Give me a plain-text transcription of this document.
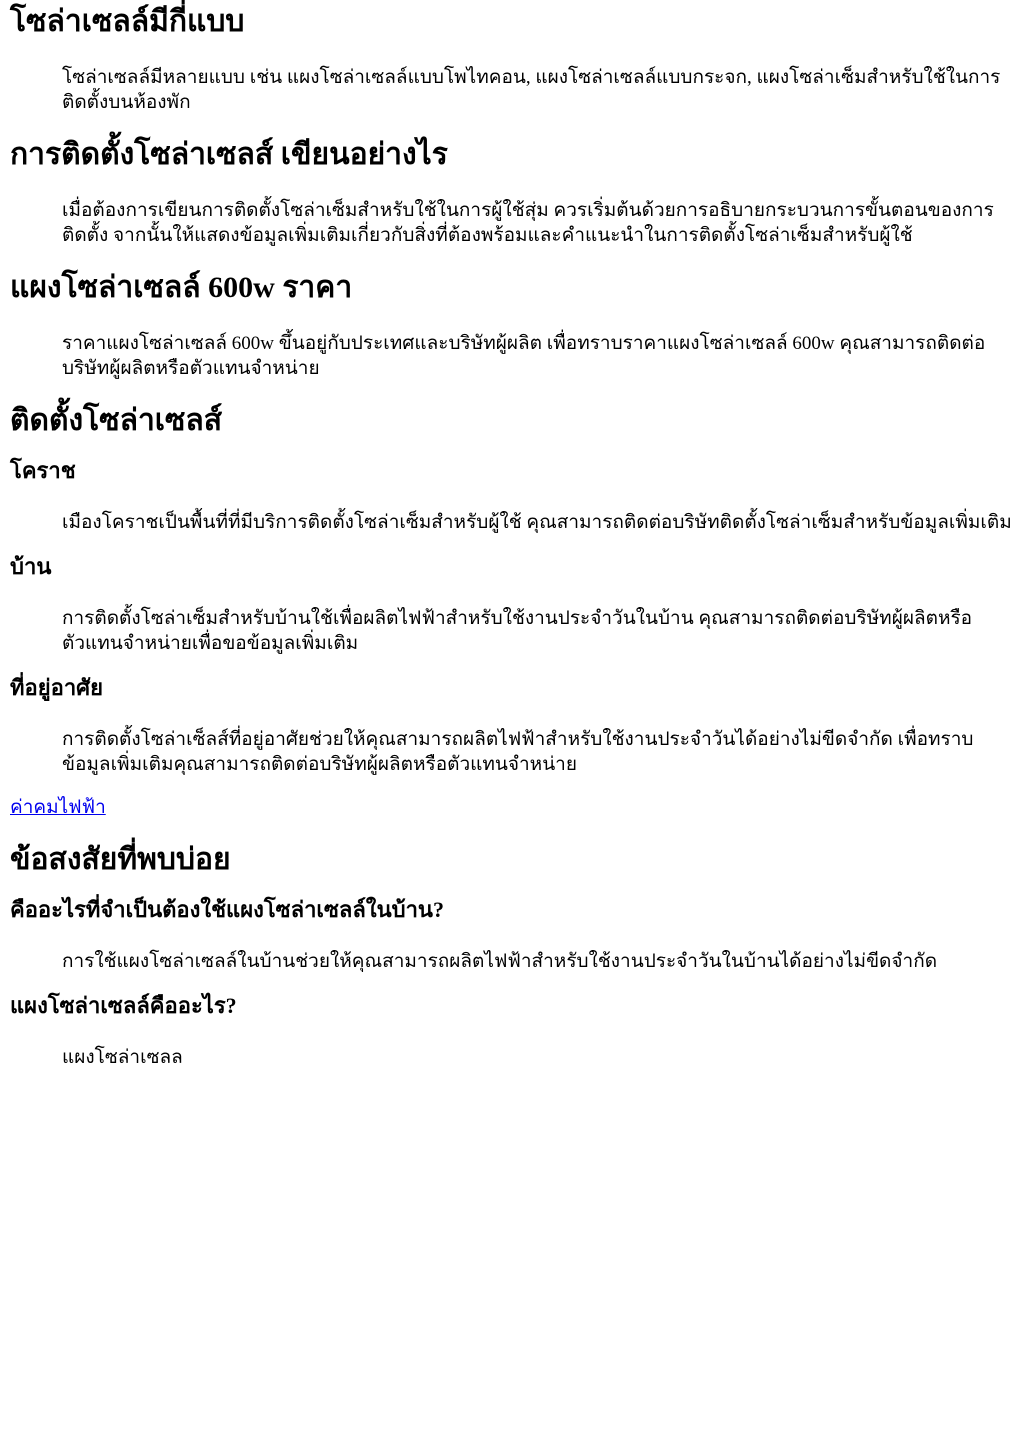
โซล่าเซลล์มีกี่แบบ

โซล่าเซลล์มีหลายแบบ เช่น แผงโซล่าเซลล์แบบโพไทคอน, แผงโซล่าเซลล์แบบกระจก, แผงโซล่าเซ็มสำหรับใช้ในการติดตั้งบนห้องพัก

การติดตั้งโซล่าเซลส์ เขียนอย่างไร

เมื่อต้องการเขียนการติดตั้งโซล่าเซ็มสำหรับใช้ในการผู้ใช้สุ่ม ควรเริ่มต้นด้วยการอธิบายกระบวนการขั้นตอนของการติดตั้ง จากนั้นให้แสดงข้อมูลเพิ่มเติมเกี่ยวกับสิ่งที่ต้องพร้อมและคำแนะนำในการติดตั้งโซล่าเซ็มสำหรับผู้ใช้

แผงโซล่าเซลล์ 600w ราคา

ราคาแผงโซล่าเซลล์ 600w ขึ้นอยู่กับประเทศและบริษัทผู้ผลิต เพื่อทราบราคาแผงโซล่าเซลล์ 600w คุณสามารถติดต่อบริษัทผู้ผลิตหรือตัวแทนจำหน่าย

ติดตั้งโซล่าเซลส์
โคราช

เมืองโคราชเป็นพื้นที่ที่มีบริการติดตั้งโซล่าเซ็มสำหรับผู้ใช้ คุณสามารถติดต่อบริษัทติดตั้งโซล่าเซ็มสำหรับข้อมูลเพิ่มเติม

บ้าน

การติดตั้งโซล่าเซ็มสำหรับบ้านใช้เพื่อผลิตไฟฟ้าสำหรับใช้งานประจำวันในบ้าน คุณสามารถติดต่อบริษัทผู้ผลิตหรือตัวแทนจำหน่ายเพื่อขอข้อมูลเพิ่มเติม

ที่อยู่อาศัย

การติดตั้งโซล่าเซ็ลส์ที่อยู่อาศัยช่วยให้คุณสามารถผลิตไฟฟ้าสำหรับใช้งานประจำวันได้อย่างไม่ขีดจำกัด เพื่อทราบข้อมูลเพิ่มเติมคุณสามารถติดต่อบริษัทผู้ผลิตหรือตัวแทนจำหน่าย

ค่าคมไฟฟ้า
ข้อสงสัยที่พบบ่อย
คืออะไรที่จำเป็นต้องใช้แผงโซล่าเซลล์ในบ้าน?

การใช้แผงโซล่าเซลล์ในบ้านช่วยให้คุณสามารถผลิตไฟฟ้าสำหรับใช้งานประจำวันในบ้านได้อย่างไม่ขีดจำกัด

แผงโซล่าเซลล์คืออะไร?

แผงโซล่าเซลล
